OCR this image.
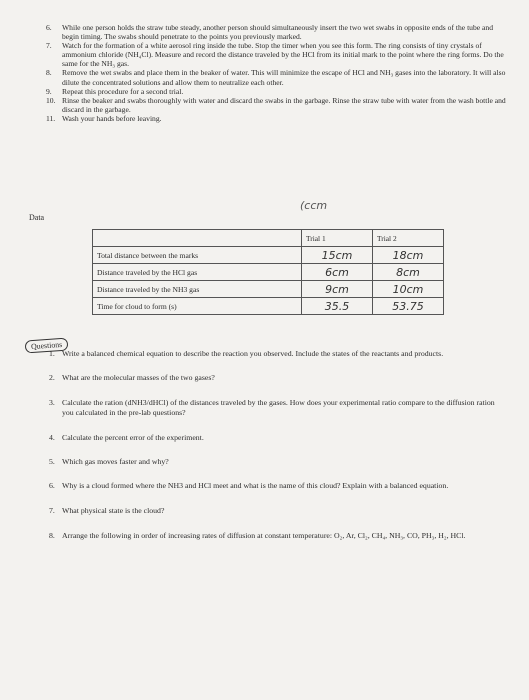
6. While one person holds the straw tube steady, another person should simultaneously insert the two wet swabs in opposite ends of the tube and begin timing. The swabs should penetrate to the points you previously marked.
7. Watch for the formation of a white aerosol ring inside the tube. Stop the timer when you see this form. The ring consists of tiny crystals of ammonium chloride (NH₄Cl). Measure and record the distance traveled by the HCl from its initial mark to the point where the ring forms. Do the same for the NH₃ gas.
8. Remove the wet swabs and place them in the beaker of water. This will minimize the escape of HCl and NH₃ gases into the laboratory. It will also dilute the concentrated solutions and allow them to neutralize each other.
9. Repeat this procedure for a second trial.
10. Rinse the beaker and swabs thoroughly with water and discard the swabs in the garbage. Rinse the straw tube with water from the wash bottle and discard in the garbage.
11. Wash your hands before leaving.
Data
(ccm
	Trial 1	Trial 2
Total distance between the marks	15cm	18cm

Distance traveled by the HCl gas	6cm	8cm

Distance traveled by the NH3 gas	9cm	10cm

Time for cloud to form (s)	35.5	53.75
Questions
1. Write a balanced chemical equation to describe the reaction you observed. Include the states of the reactants and products.
2. What are the molecular masses of the two gases?
3. Calculate the ration (dNH3/dHCl) of the distances traveled by the gases. How does your experimental ratio compare to the diffusion ration you calculated in the pre-lab questions?
4. Calculate the percent error of the experiment.
5. Which gas moves faster and why?
6. Why is a cloud formed where the NH3 and HCl meet and what is the name of this cloud? Explain with a balanced equation.
7. What physical state is the cloud?
8. Arrange the following in order of increasing rates of diffusion at constant temperature: O₂, Ar, Cl₂, CH₄, NH₃, CO, PH₃, H₂, HCl.
